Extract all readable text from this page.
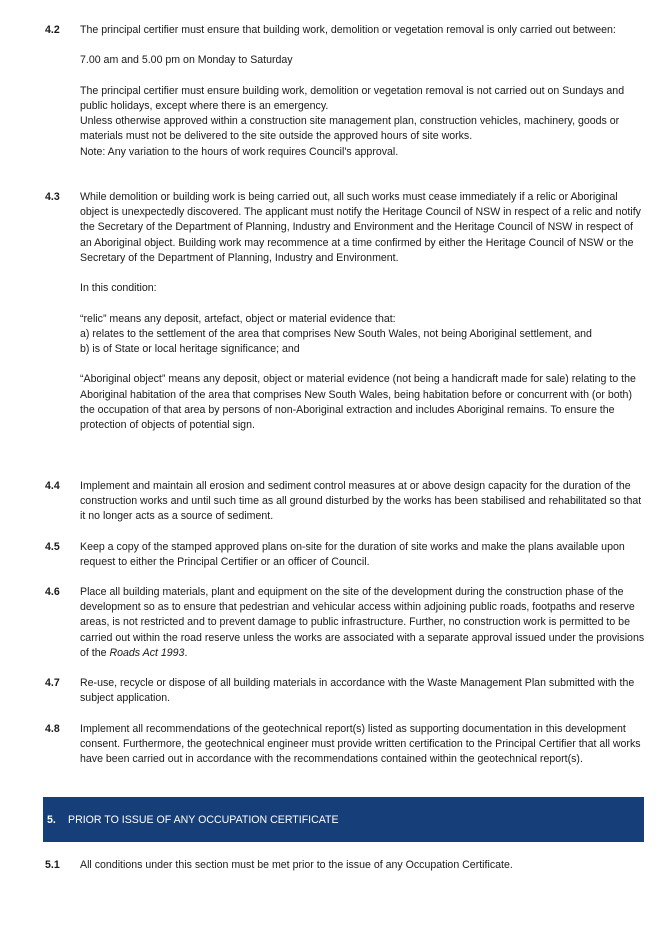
4.2 The principal certifier must ensure that building work, demolition or vegetation removal is only carried out between:

7.00 am and 5.00 pm on Monday to Saturday

The principal certifier must ensure building work, demolition or vegetation removal is not carried out on Sundays and public holidays, except where there is an emergency.

Unless otherwise approved within a construction site management plan, construction vehicles, machinery, goods or materials must not be delivered to the site outside the approved hours of site works.

Note: Any variation to the hours of work requires Council's approval.

4.3 While demolition or building work is being carried out, all such works must cease immediately if a relic or Aboriginal object is unexpectedly discovered. The applicant must notify the Heritage Council of NSW in respect of a relic and notify the Secretary of the Department of Planning, Industry and Environment and the Heritage Council of NSW in respect of an Aboriginal object. Building work may recommence at a time confirmed by either the Heritage Council of NSW or the Secretary of the Department of Planning, Industry and Environment.

In this condition:

“relic” means any deposit, artefact, object or material evidence that:

a) relates to the settlement of the area that comprises New South Wales, not being Aboriginal settlement, and

b) is of State or local heritage significance; and

“Aboriginal object” means any deposit, object or material evidence (not being a handicraft made for sale) relating to the Aboriginal habitation of the area that comprises New South Wales, being habitation before or concurrent with (or both) the occupation of that area by persons of non-Aboriginal extraction and includes Aboriginal remains. To ensure the protection of objects of potential sign.

4.4 Implement and maintain all erosion and sediment control measures at or above design capacity for the duration of the construction works and until such time as all ground disturbed by the works has been stabilised and rehabilitated so that it no longer acts as a source of sediment.

4.5 Keep a copy of the stamped approved plans on-site for the duration of site works and make the plans available upon request to either the Principal Certifier or an officer of Council.

4.6 Place all building materials, plant and equipment on the site of the development during the construction phase of the development so as to ensure that pedestrian and vehicular access within adjoining public roads, footpaths and reserve areas, is not restricted and to prevent damage to public infrastructure. Further, no construction work is permitted to be carried out within the road reserve unless the works are associated with a separate approval issued under the provisions of the Roads Act 1993.

4.7 Re-use, recycle or dispose of all building materials in accordance with the Waste Management Plan submitted with the subject application.

4.8 Implement all recommendations of the geotechnical report(s) listed as supporting documentation in this development consent. Furthermore, the geotechnical engineer must provide written certification to the Principal Certifier that all works have been carried out in accordance with the recommendations contained within the geotechnical report(s).

5. PRIOR TO ISSUE OF ANY OCCUPATION CERTIFICATE
5.1 All conditions under this section must be met prior to the issue of any Occupation Certificate.
